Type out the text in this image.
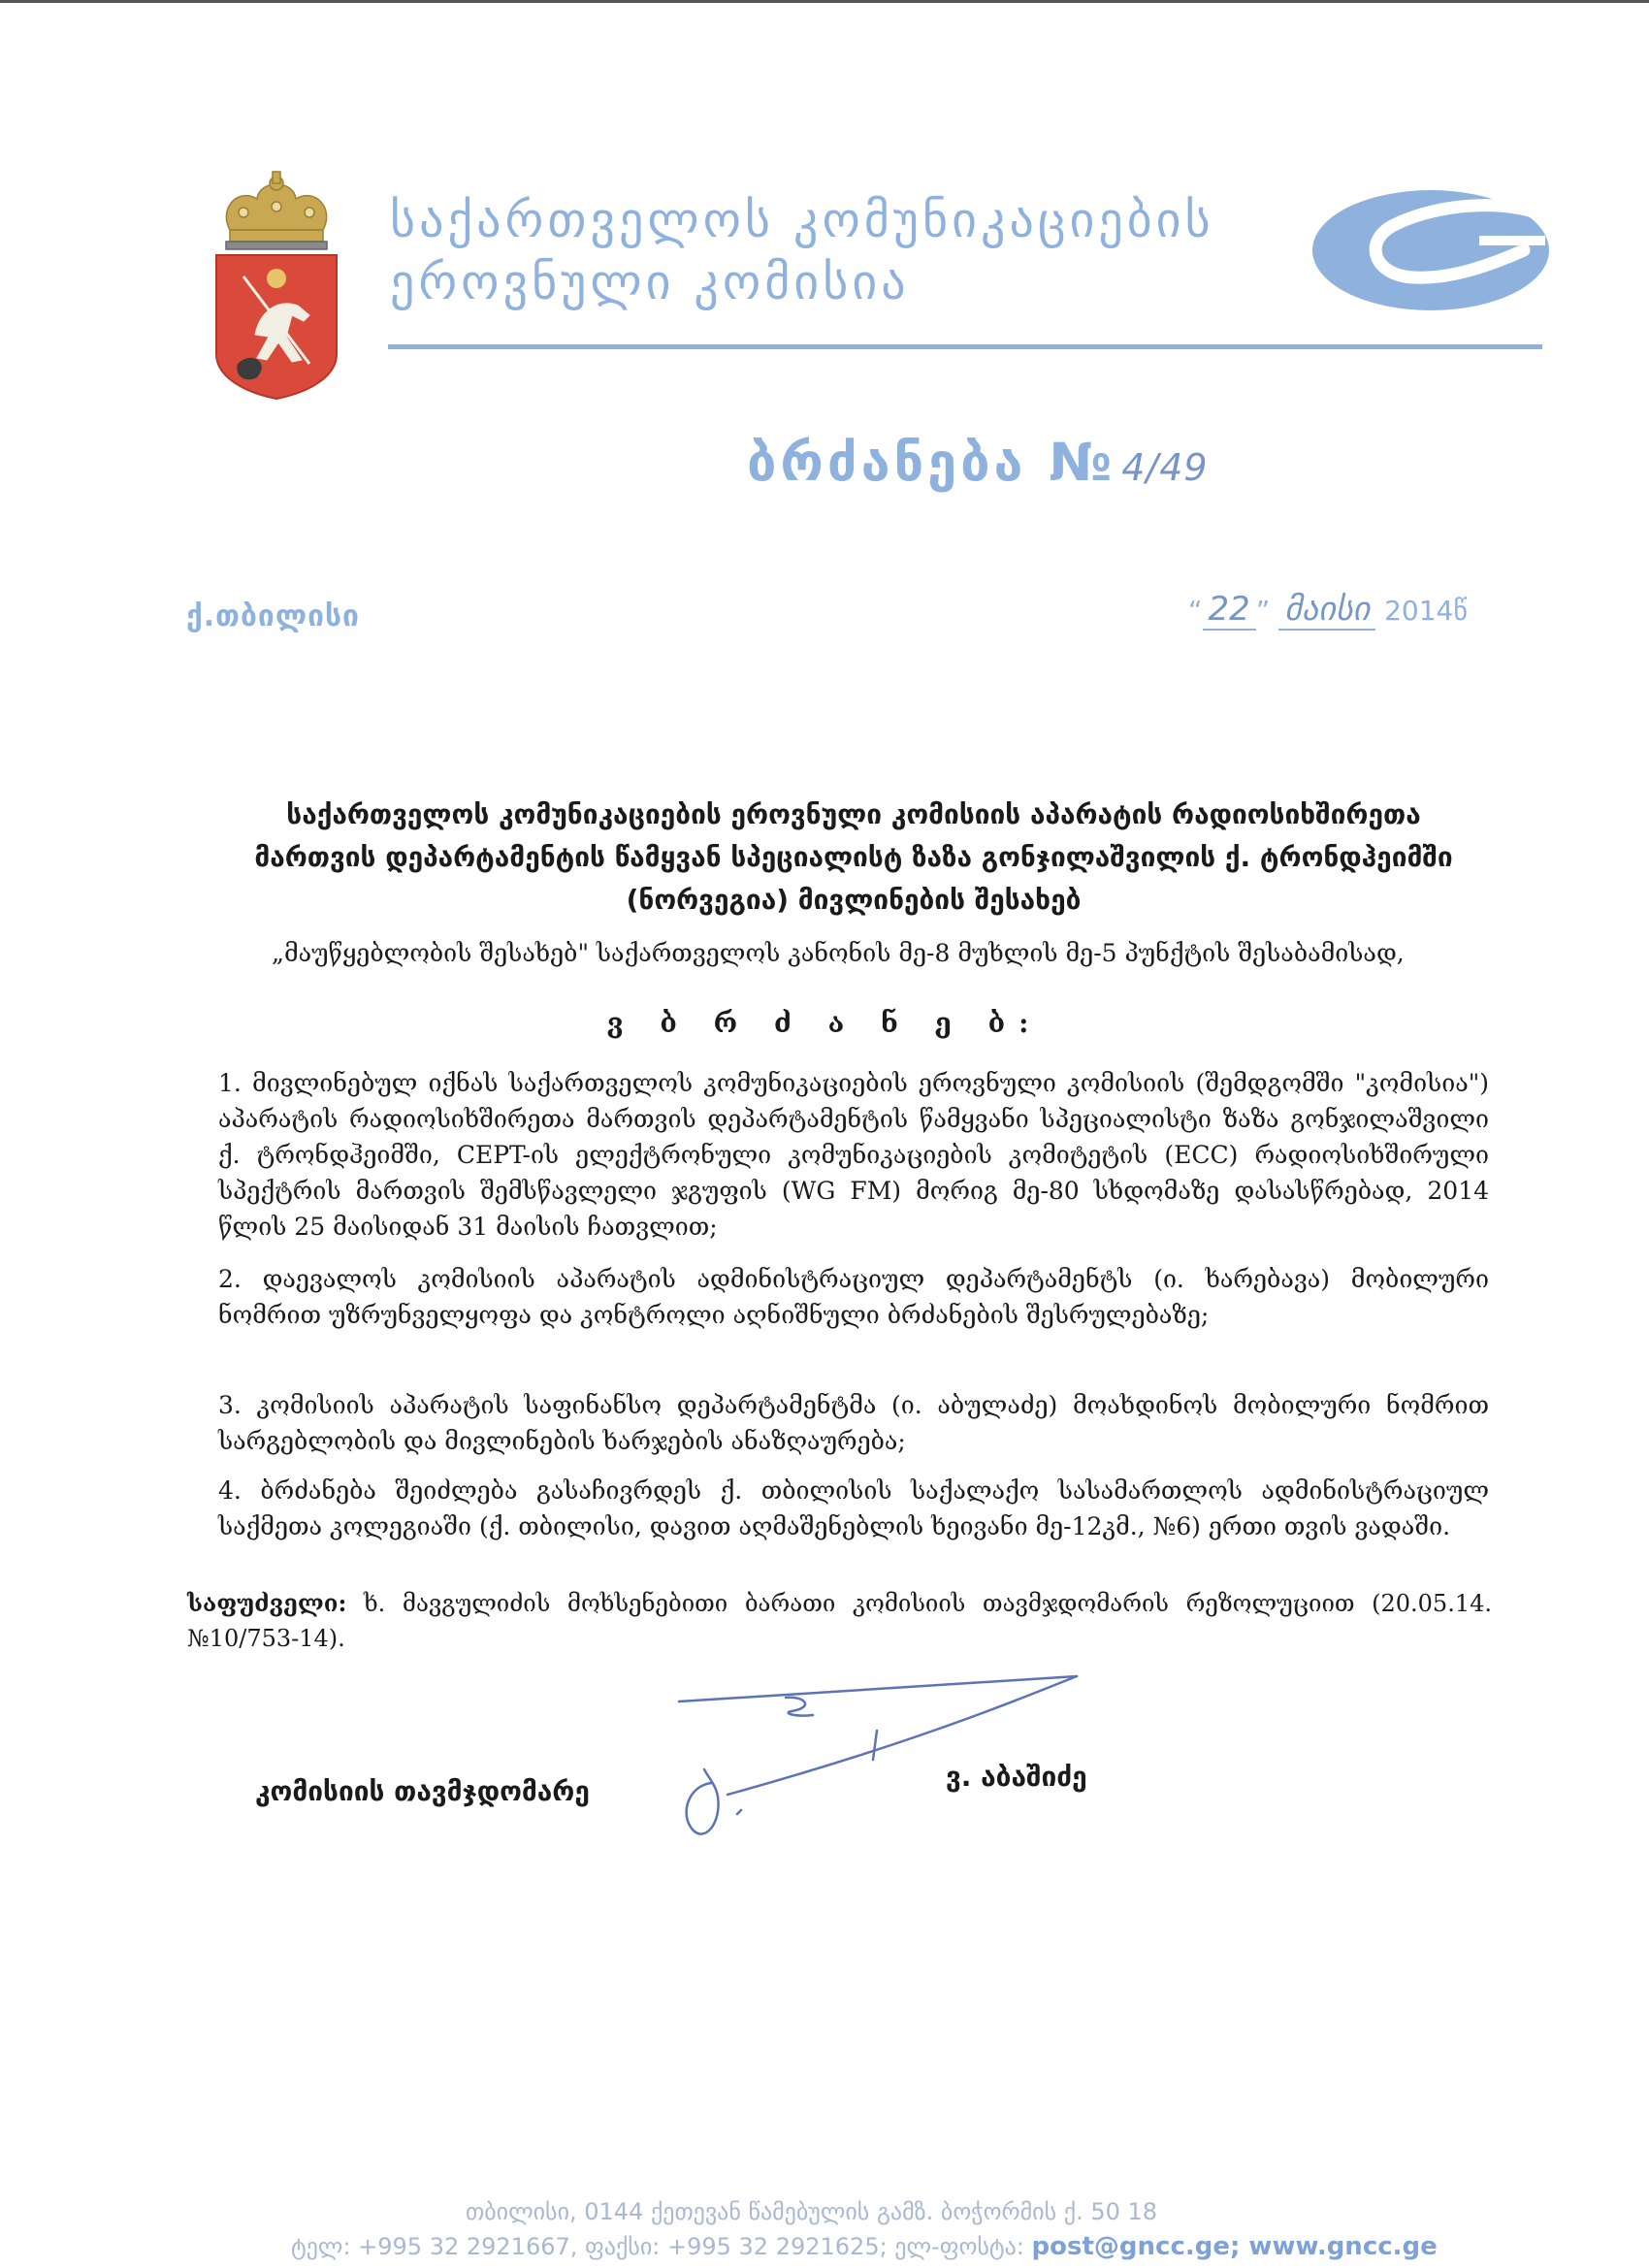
საქართველოს კომუნიკაციების
ეროვნული კომისია
ბრძანება № 4/49
ქ.თბილისი	“ 22 ” მაისი 2014წ
საქართველოს კომუნიკაციების ეროვნული კომისიის აპარატის რადიოსიხშირეთა მართვის დეპარტამენტის წამყვან სპეციალისტ ზაზა გონჯილაშვილის ქ. ტრონდჰეიმში (ნორვეგია) მივლინების შესახებ
„მაუწყებლობის შესახებ" საქართველოს კანონის მე-8 მუხლის მე-5 პუნქტის შესაბამისად,
ვ ბ რ ძ ა ნ ე ბ:
1. მივლინებულ იქნას საქართველოს კომუნიკაციების ეროვნული კომისიის (შემდგომში "კომისია") აპარატის რადიოსიხშირეთა მართვის დეპარტამენტის წამყვანი სპეციალისტი ზაზა გონჯილაშვილი ქ. ტრონდჰეიმში, CEPT-ის ელექტრონული კომუნიკაციების კომიტეტის (ECC) რადიოსიხშირული სპექტრის მართვის შემსწავლელი ჯგუფის (WG FM) მორიგ მე-80 სხდომაზე დასასწრებად, 2014 წლის 25 მაისიდან 31 მაისის ჩათვლით;
2. დაევალოს კომისიის აპარატის ადმინისტრაციულ დეპარტამენტს (ი. ხარებავა) მობილური ნომრით უზრუნველყოფა და კონტროლი აღნიშნული ბრძანების შესრულებაზე;
3. კომისიის აპარატის საფინანსო დეპარტამენტმა (ი. აბულაძე) მოახდინოს მობილური ნომრით სარგებლობის და მივლინების ხარჯების ანაზღაურება;
4. ბრძანება შეიძლება გასაჩივრდეს ქ. თბილისის საქალაქო სასამართლოს ადმინისტრაციულ საქმეთა კოლეგიაში (ქ. თბილისი, დავით აღმაშენებლის ხეივანი მე-12კმ., №6) ერთი თვის ვადაში.
საფუძველი: ხ. მავგულიძის მოხსენებითი ბარათი კომისიის თავმჯდომარის რეზოლუციით (20.05.14. №10/753-14).
კომისიის თავმჯდომარე	ვ. აბაშიძე
თბილისი, 0144 ქეთევან წამებულის გამზ. ბოჭორმის ქ. 50 18
ტელ: +995 32 2921667, ფაქსი: +995 32 2921625; ელ-ფოსტა: post@gncc.ge; www.gncc.ge
